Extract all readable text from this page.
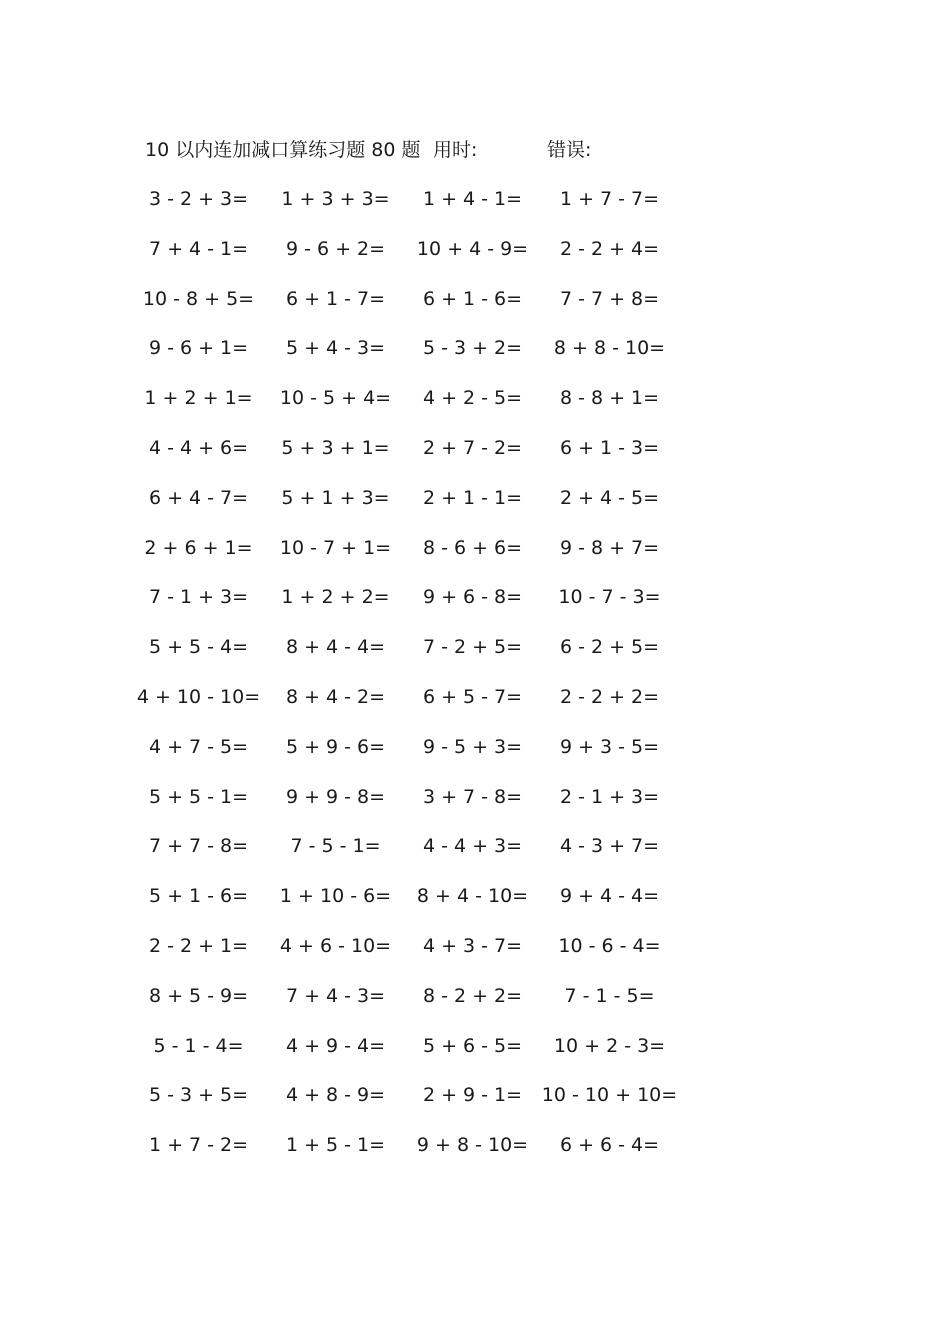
10 以内连加减口算练习题 80 题 用时:	错误:
3 - 2 + 3=	1 + 3 + 3=	1 + 4 - 1=	1 + 7 - 7=
7 + 4 - 1=	9 - 6 + 2=	10 + 4 - 9=	2 - 2 + 4=
10 - 8 + 5=	6 + 1 - 7=	6 + 1 - 6=	7 - 7 + 8=
9 - 6 + 1=	5 + 4 - 3=	5 - 3 + 2=	8 + 8 - 10=
1 + 2 + 1=	10 - 5 + 4=	4 + 2 - 5=	8 - 8 + 1=
4 - 4 + 6=	5 + 3 + 1=	2 + 7 - 2=	6 + 1 - 3=
6 + 4 - 7=	5 + 1 + 3=	2 + 1 - 1=	2 + 4 - 5=
2 + 6 + 1=	10 - 7 + 1=	8 - 6 + 6=	9 - 8 + 7=
7 - 1 + 3=	1 + 2 + 2=	9 + 6 - 8=	10 - 7 - 3=
5 + 5 - 4=	8 + 4 - 4=	7 - 2 + 5=	6 - 2 + 5=
4 + 10 - 10=	8 + 4 - 2=	6 + 5 - 7=	2 - 2 + 2=
4 + 7 - 5=	5 + 9 - 6=	9 - 5 + 3=	9 + 3 - 5=
5 + 5 - 1=	9 + 9 - 8=	3 + 7 - 8=	2 - 1 + 3=
7 + 7 - 8=	7 - 5 - 1=	4 - 4 + 3=	4 - 3 + 7=
5 + 1 - 6=	1 + 10 - 6=	8 + 4 - 10=	9 + 4 - 4=
2 - 2 + 1=	4 + 6 - 10=	4 + 3 - 7=	10 - 6 - 4=
8 + 5 - 9=	7 + 4 - 3=	8 - 2 + 2=	7 - 1 - 5=
5 - 1 - 4=	4 + 9 - 4=	5 + 6 - 5=	10 + 2 - 3=
5 - 3 + 5=	4 + 8 - 9=	2 + 9 - 1=	10 - 10 + 10=
1 + 7 - 2=	1 + 5 - 1=	9 + 8 - 10=	6 + 6 - 4=
